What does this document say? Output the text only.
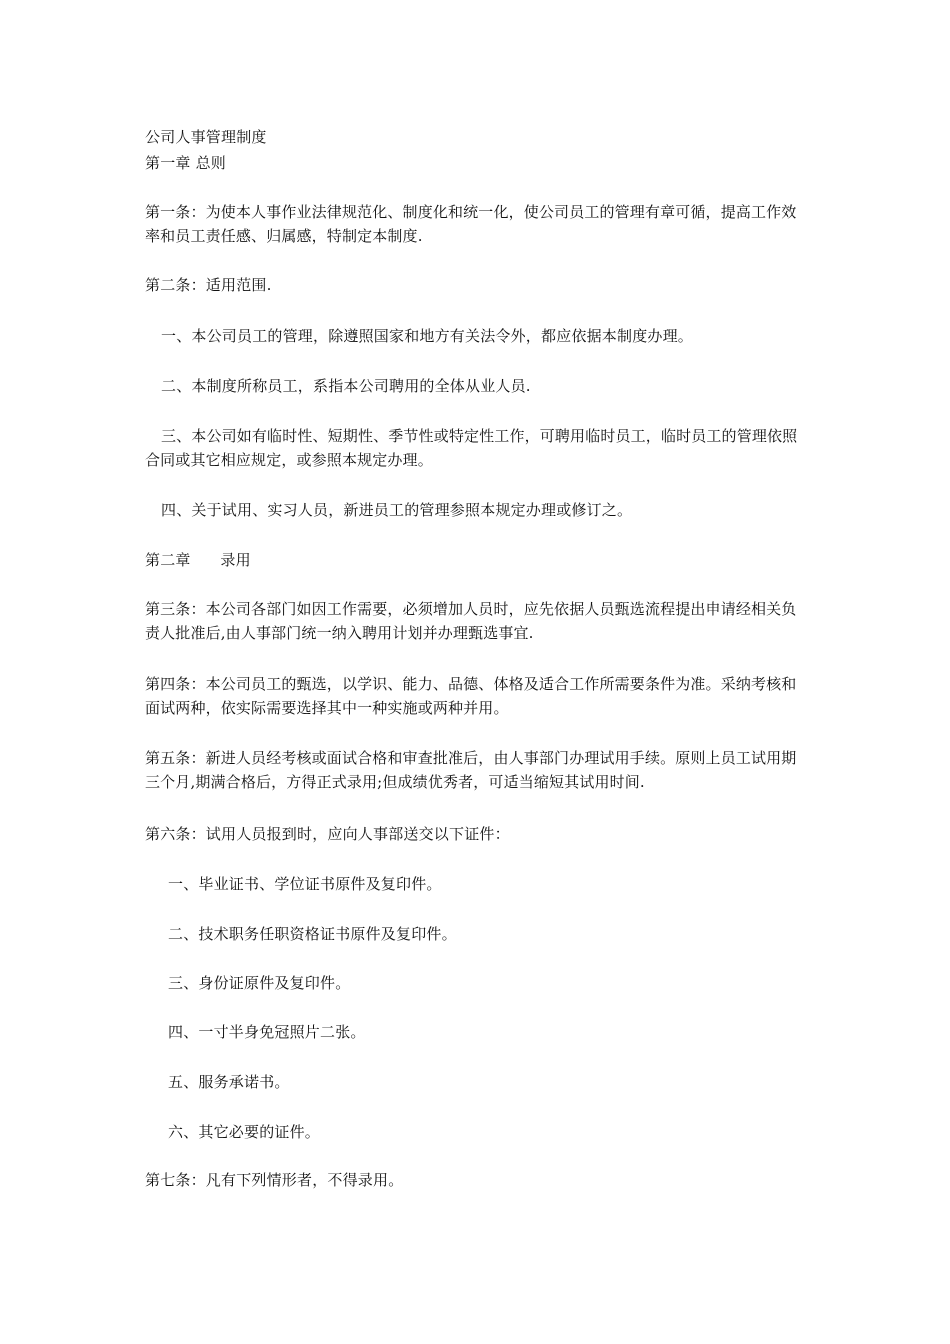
公司人事管理制度
第一章 总则
第一条：为使本人事作业法律规范化、制度化和统一化，使公司员工的管理有章可循，提高工作效率和员工责任感、归属感，特制定本制度.
第二条：适用范围.
一、本公司员工的管理，除遵照国家和地方有关法令外，都应依据本制度办理。
二、本制度所称员工，系指本公司聘用的全体从业人员.
三、本公司如有临时性、短期性、季节性或特定性工作，可聘用临时员工，临时员工的管理依照合同或其它相应规定，或参照本规定办理。
四、关于试用、实习人员，新进员工的管理参照本规定办理或修订之。
第二章      录用
第三条：本公司各部门如因工作需要，必须增加人员时，应先依据人员甄选流程提出申请经相关负责人批准后,由人事部门统一纳入聘用计划并办理甄选事宜.
第四条：本公司员工的甄选，以学识、能力、品德、体格及适合工作所需要条件为准。采纳考核和面试两种，依实际需要选择其中一种实施或两种并用。
第五条：新进人员经考核或面试合格和审查批准后，由人事部门办理试用手续。原则上员工试用期三个月,期满合格后，方得正式录用;但成绩优秀者，可适当缩短其试用时间.
第六条：试用人员报到时，应向人事部送交以下证件：
一、毕业证书、学位证书原件及复印件。
二、技术职务任职资格证书原件及复印件。
三、身份证原件及复印件。
四、一寸半身免冠照片二张。
五、服务承诺书。
六、其它必要的证件。
第七条：凡有下列情形者，不得录用。
